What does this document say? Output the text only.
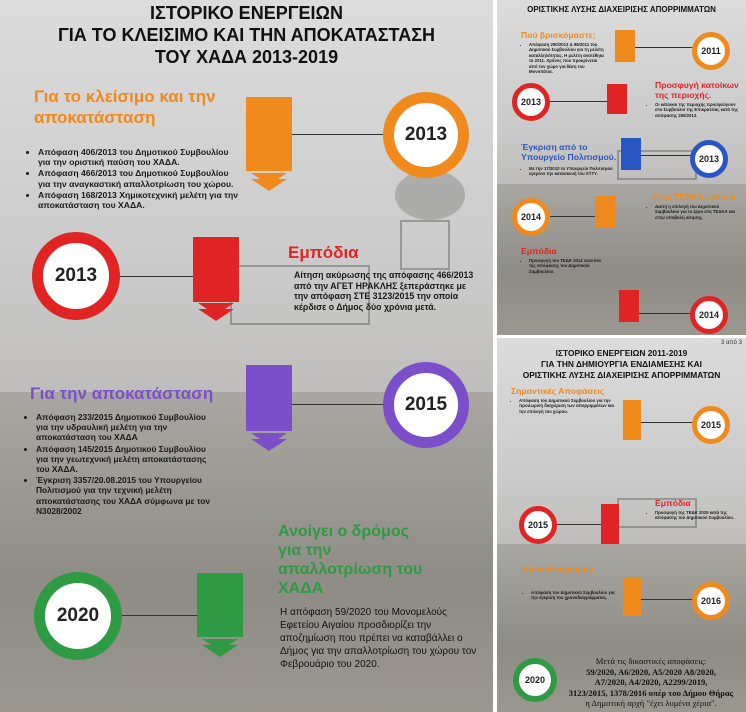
ΙΣΤΟΡΙΚΟ ΕΝΕΡΓΕΙΩΝ
ΓΙΑ ΤΟ ΚΛΕΙΣΙΜΟ ΚΑΙ ΤΗΝ ΑΠΟΚΑΤΑΣΤΑΣΗ
ΤΟΥ ΧΑΔΑ 2013-2019
Για το κλείσιμο και την
αποκατάσταση
2013
• Απόφαση 406/2013 του Δημοτικού Συμβουλίου για την οριστική παύση του ΧΑΔΑ.
• Απόφαση 466/2013 του Δημοτικού Συμβουλίου για την αναγκαστική απαλλοτρίωση του χώρου.
• Απόφαση 168/2013 Χημικοτεχνική μελέτη για την αποκατάσταση του ΧΑΔΑ.
2013
Εμπόδια
Αίτηση ακύρωσης της απόφασης 466/2013 από την ΑΓΕΤ ΗΡΑΚΛΗΣ ξεπεράστηκε με την απόφαση ΣΤΕ 3123/2015 την οποία κέρδισε ο Δήμος δύο χρόνια μετά.
2015
Για την αποκατάσταση
• Απόφαση 233/2015 Δημοτικού Συμβουλίου για την υδραυλική μελέτη για την αποκατάσταση του ΧΑΔΑ
• Απόφαση 145/2015 Δημοτικού Συμβουλίου για την γεωτεχνική μελέτη αποκατάστασης του ΧΑΔΑ.
• Έγκριση 3357/20.08.2015 του Υπουργείου Πολιτισμού για την τεχνική μελέτη αποκατάστασης του ΧΑΔΑ σύμφωνα με τον Ν3028/2002
2020
Ανοίγει ο δρόμος
για την
απαλλοτρίωση του
ΧΑΔΑ
Η απόφαση 59/2020 του Μονομελούς Εφετείου Αιγαίου προσδιορίζει την αποζημίωση που πρέπει να καταβάλλει ο Δήμος για την απαλλοτρίωση του χώρου τον Φεβρουάριο του 2020.
ΟΡΙΣΤΙΚΗΣ ΛΥΣΗΣ ΔΙΑΧΕΙΡΙΣΗΣ ΑΠΟΡΡΙΜΜΑΤΩΝ
Πού βρισκόμαστε;
• Απόφαση 290/2013 & 98/2011 του Δημοτικού Συμβουλίου για τη μελέτη καταλληλότητας. Η μελέτη ανατέθηκε το 2011. Χρόνος που προκρίνεται από τον χώρο για θέση του Μονοπάτια.
2011
2013
Προσφυγή κατοίκων της περιοχής.
• Οι κάτοικοι της περιοχής προσφεύγουν στο Συμβούλιο της Επικρατείας κατά της απόφασης 290/2013.
Έγκριση από το Υπουργείο Πολιτισμού.
• Με την 17/2010 το Υπουργείο Πολιτισμού εγκρίνει την κατασκευή του ΧΥΤΥ.
2013
2014
Στην ΤΕΔΚΑ καθεται
• Δεκτή η επιλογή του Δημοτικού Συμβουλίου για το έργο στη ΤΕΔΚΑ και στην υποβολή αίτησης.
Εμπόδια
• Προσφυγή του ΤΕΔΚ 2014 εναντίον της απόφασης του Δημοτικού Συμβουλίου.
2014
3 από 3
ΙΣΤΟΡΙΚΟ ΕΝΕΡΓΕΙΩΝ 2011-2019
ΓΙΑ ΤΗΝ ΔΗΜΙΟΥΡΓΙΑ ΕΝΔΙΑΜΕΣΗΣ ΚΑΙ
ΟΡΙΣΤΙΚΗΣ ΛΥΣΗΣ ΔΙΑΧΕΙΡΙΣΗΣ ΑΠΟΡΡΙΜΜΑΤΩΝ
Σημαντικές Αποφάσεις
• Απόφαση του Δημοτικού Συμβουλίου για την προσωρινή διαχείριση των απορριμμάτων και την επιλογή του χώρου.
2015
2015
Εμπόδια
• Προσφυγή της ΤΕΔΚ 2015 κατά της απόφασης του Δημοτικού Συμβουλίου.
Χρονοδιάγραμμα
• Απόφαση του Δημοτικού Συμβουλίου για την έγκριση του χρονοδιαγράμματος.	2016
2020
Μετά τις δικαστικές αποφάσεις:
59/2020, Α6/2020, Α5/2020 Α8/2020,
Α7/2020, Α4/2020, Α2299/2019,
3123/2015, 1378/2016 υπέρ του Δήμου Θήρας
η Δημοτική αρχή "έχει λυμένα χέρια".
